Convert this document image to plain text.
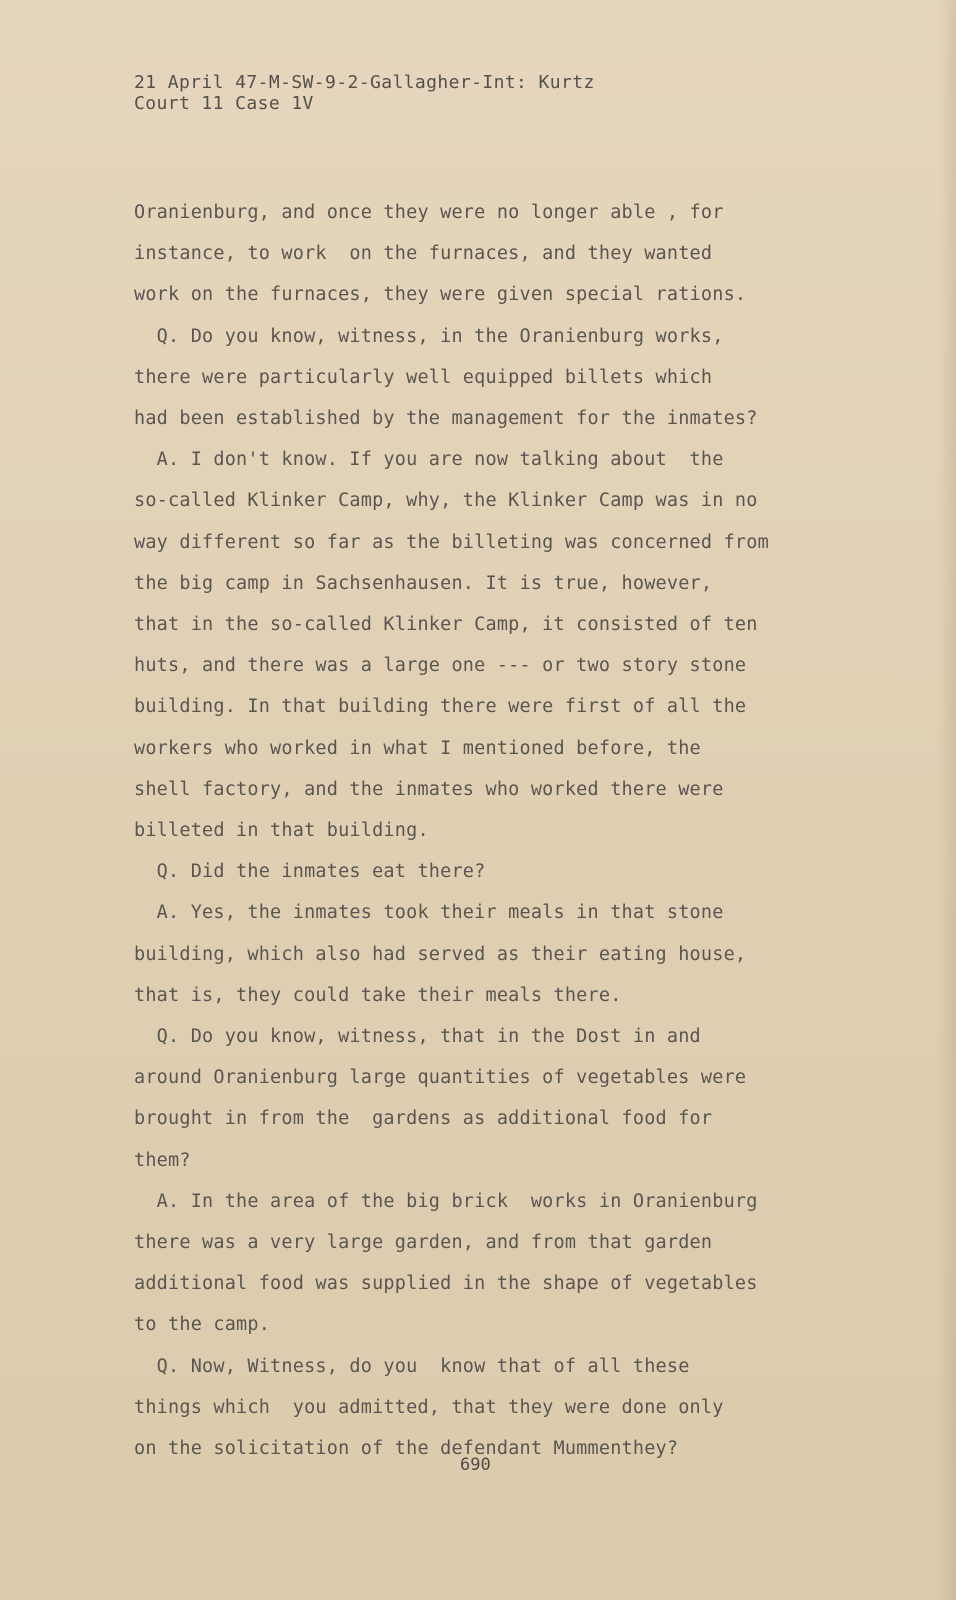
21 April 47-M-SW-9-2-Gallagher-Int: Kurtz
Court 11 Case 1V
Oranienburg, and once they were no longer able , for
instance, to work  on the furnaces, and they wanted
work on the furnaces, they were given special rations.
Q. Do you know, witness, in the Oranienburg works,
there were particularly well equipped billets which
had been established by the management for the inmates?
A. I don't know. If you are now talking about  the
so-called Klinker Camp, why, the Klinker Camp was in no
way different so far as the billeting was concerned from
the big camp in Sachsenhausen. It is true, however,
that in the so-called Klinker Camp, it consisted of ten
huts, and there was a large one --- or two story stone
building. In that building there were first of all the
workers who worked in what I mentioned before, the
shell factory, and the inmates who worked there were
billeted in that building.
Q. Did the inmates eat there?
A. Yes, the inmates took their meals in that stone
building, which also had served as their eating house,
that is, they could take their meals there.
Q. Do you know, witness, that in the Dost in and
around Oranienburg large quantities of vegetables were
brought in from the  gardens as additional food for
them?
A. In the area of the big brick  works in Oranienburg
there was a very large garden, and from that garden
additional food was supplied in the shape of vegetables
to the camp.
Q. Now, Witness, do you  know that of all these
things which  you admitted, that they were done only
on the solicitation of the defendant Mummenthey?
690
